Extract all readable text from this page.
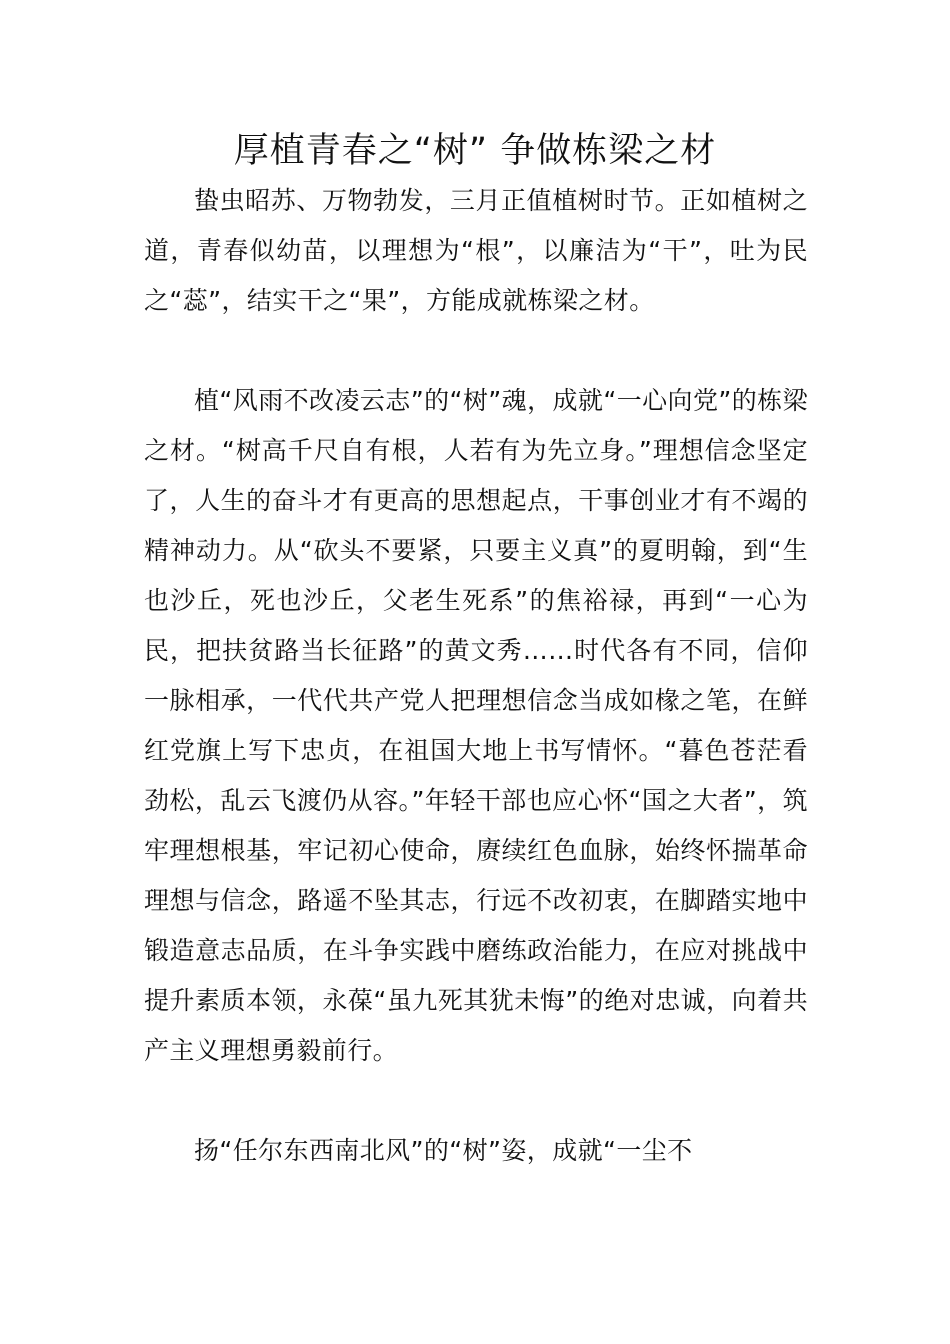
厚植青春之“树” 争做栋梁之材

蛰虫昭苏、万物勃发，三月正值植树时节。正如植树之道，青春似幼苗，以理想为“根”，以廉洁为“干”，吐为民之“蕊”，结实干之“果”，方能成就栋梁之材。

植“风雨不改凌云志”的“树”魂，成就“一心向党”的栋梁之材。“树高千尺自有根，人若有为先立身。”理想信念坚定了，人生的奋斗才有更高的思想起点，干事创业才有不竭的精神动力。从“砍头不要紧，只要主义真”的夏明翰，到“生也沙丘，死也沙丘，父老生死系”的焦裕禄，再到“一心为民，把扶贫路当长征路”的黄文秀……时代各有不同，信仰一脉相承，一代代共产党人把理想信念当成如椽之笔，在鲜红党旗上写下忠贞，在祖国大地上书写情怀。“暮色苍茫看劲松，乱云飞渡仍从容。”年轻干部也应心怀“国之大者”，筑牢理想根基，牢记初心使命，赓续红色血脉，始终怀揣革命理想与信念，路遥不坠其志，行远不改初衷，在脚踏实地中锻造意志品质，在斗争实践中磨练政治能力，在应对挑战中提升素质本领，永葆“虽九死其犹未悔”的绝对忠诚，向着共产主义理想勇毅前行。

扬“任尔东西南北风”的“树”姿，成就“一尘不
